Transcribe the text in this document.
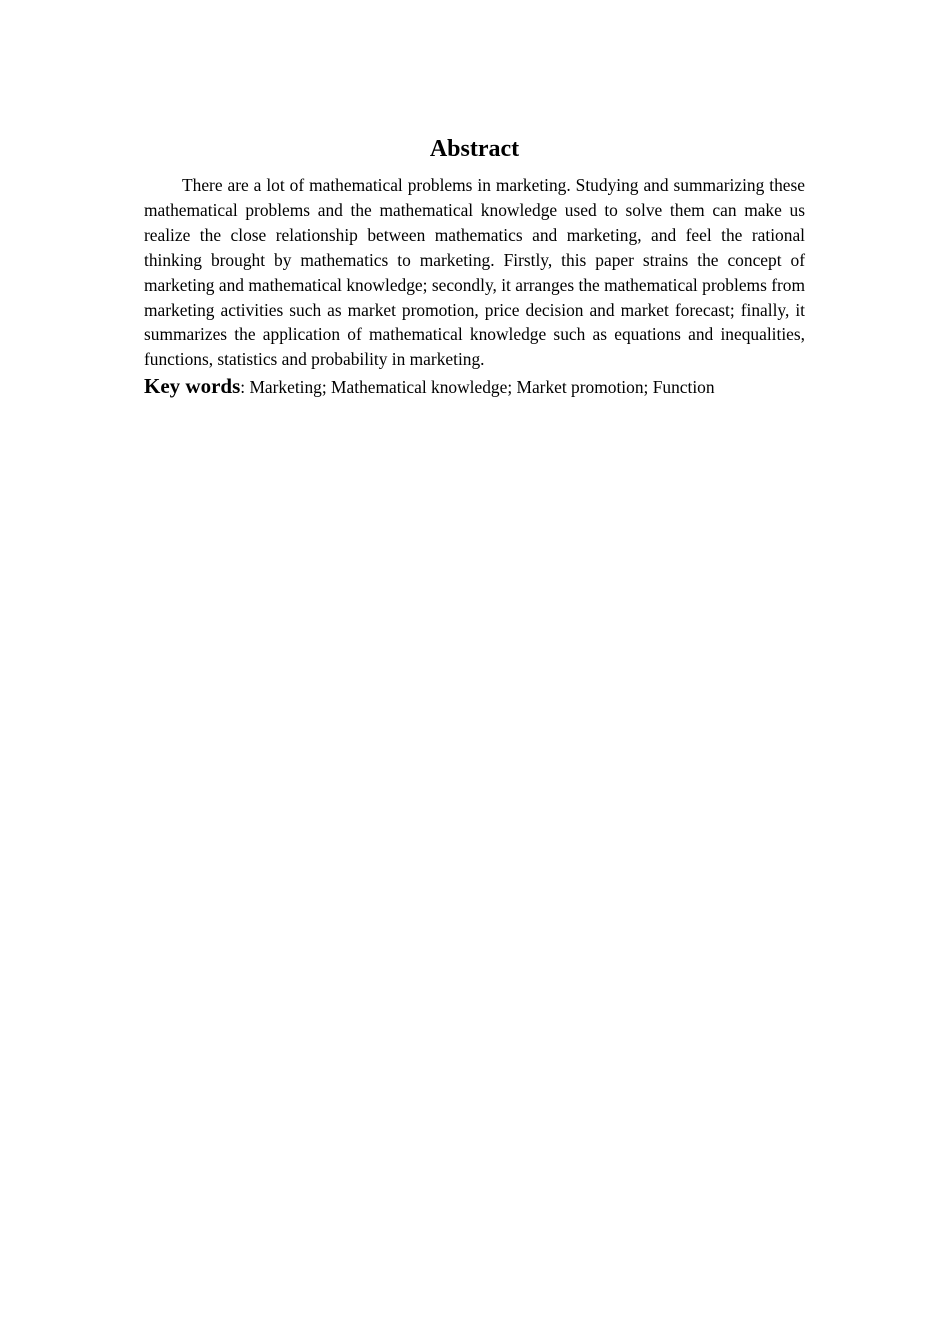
Abstract

There are a lot of mathematical problems in marketing. Studying and summarizing these mathematical problems and the mathematical knowledge used to solve them can make us realize the close relationship between mathematics and marketing, and feel the rational thinking brought by mathematics to marketing. Firstly, this paper strains the concept of marketing and mathematical knowledge; secondly, it arranges the mathematical problems from marketing activities such as market promotion, price decision and market forecast; finally, it summarizes the application of mathematical knowledge such as equations and inequalities, functions, statistics and probability in marketing.

Key words: Marketing; Mathematical knowledge; Market promotion; Function
